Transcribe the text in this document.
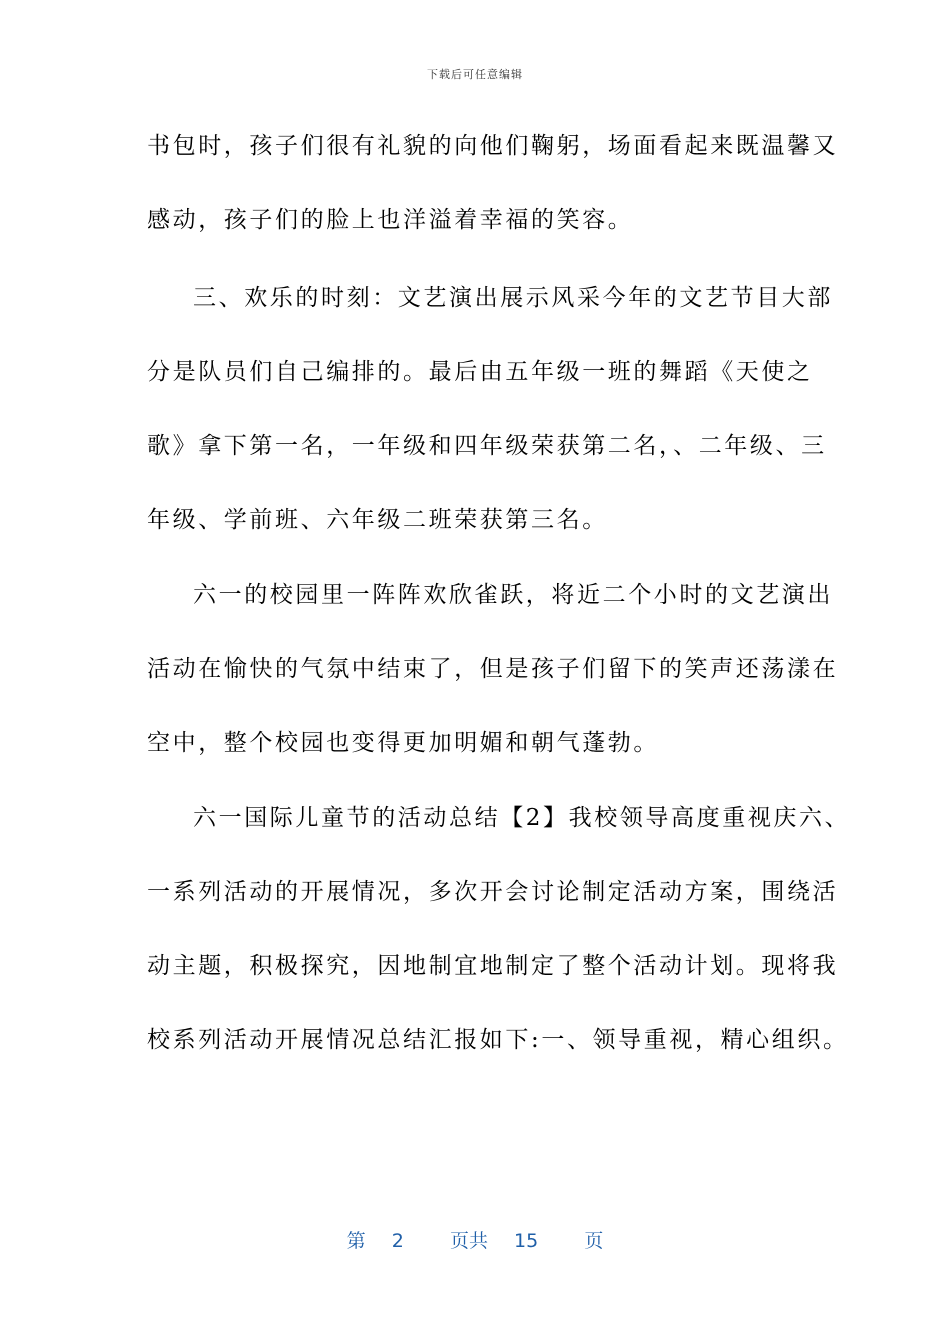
下载后可任意编辑
书包时，孩子们很有礼貌的向他们鞠躬，场面看起来既温馨又
感动，孩子们的脸上也洋溢着幸福的笑容。
三、欢乐的时刻：文艺演出展示风采今年的文艺节目大部
分是队员们自己编排的。最后由五年级一班的舞蹈《天使之
歌》拿下第一名，一年级和四年级荣获第二名，、二年级、三
年级、学前班、六年级二班荣获第三名。
六一的校园里一阵阵欢欣雀跃，将近二个小时的文艺演出
活动在愉快的气氛中结束了，但是孩子们留下的笑声还荡漾在
空中，整个校园也变得更加明媚和朝气蓬勃。
六一国际儿童节的活动总结【2】我校领导高度重视庆六、
一系列活动的开展情况，多次开会讨论制定活动方案，围绕活
动主题，积极探究，因地制宜地制定了整个活动计划。现将我
校系列活动开展情况总结汇报如下:一、领导重视，精心组织。
第 2 页共 15 页
